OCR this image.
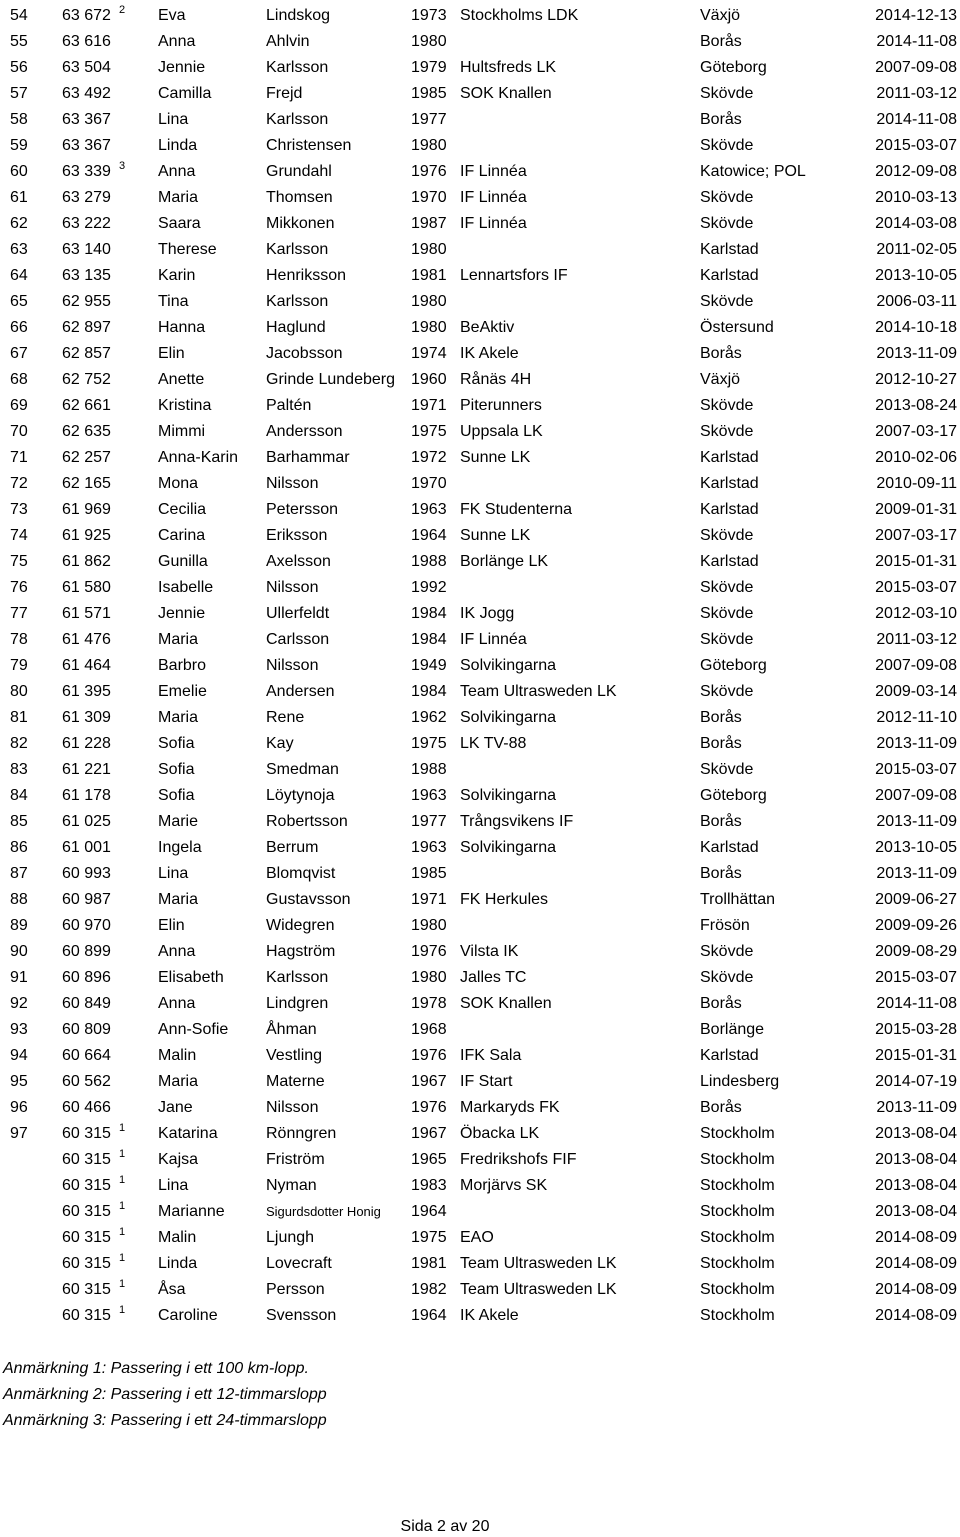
54	63 672 $^2$	Eva	Lindskog	1973	Stockholms LDK	Växjö	2014-12-13
55	63 616	Anna	Ahlvin	1980		Borås	2014-11-08
56	63 504	Jennie	Karlsson	1979	Hultsfreds LK	Göteborg	2007-09-08
57	63 492	Camilla	Frejd	1985	SOK Knallen	Skövde	2011-03-12
58	63 367	Lina	Karlsson	1977		Borås	2014-11-08
59	63 367	Linda	Christensen	1980		Skövde	2015-03-07
60	63 339 $^3$	Anna	Grundahl	1976	IF Linnéa	Katowice; POL	2012-09-08
61	63 279	Maria	Thomsen	1970	IF Linnéa	Skövde	2010-03-13
62	63 222	Saara	Mikkonen	1987	IF Linnéa	Skövde	2014-03-08
63	63 140	Therese	Karlsson	1980		Karlstad	2011-02-05
64	63 135	Karin	Henriksson	1981	Lennartsfors IF	Karlstad	2013-10-05
65	62 955	Tina	Karlsson	1980		Skövde	2006-03-11
66	62 897	Hanna	Haglund	1980	BeAktiv	Östersund	2014-10-18
67	62 857	Elin	Jacobsson	1974	IK Akele	Borås	2013-11-09
68	62 752	Anette	Grinde Lundeberg	1960	Rånäs 4H	Växjö	2012-10-27
69	62 661	Kristina	Paltén	1971	Piterunners	Skövde	2013-08-24
70	62 635	Mimmi	Andersson	1975	Uppsala LK	Skövde	2007-03-17
71	62 257	Anna-Karin	Barhammar	1972	Sunne LK	Karlstad	2010-02-06
72	62 165	Mona	Nilsson	1970		Karlstad	2010-09-11
73	61 969	Cecilia	Petersson	1963	FK Studenterna	Karlstad	2009-01-31
74	61 925	Carina	Eriksson	1964	Sunne LK	Skövde	2007-03-17
75	61 862	Gunilla	Axelsson	1988	Borlänge LK	Karlstad	2015-01-31
76	61 580	Isabelle	Nilsson	1992		Skövde	2015-03-07
77	61 571	Jennie	Ullerfeldt	1984	IK Jogg	Skövde	2012-03-10
78	61 476	Maria	Carlsson	1984	IF Linnéa	Skövde	2011-03-12
79	61 464	Barbro	Nilsson	1949	Solvikingarna	Göteborg	2007-09-08
80	61 395	Emelie	Andersen	1984	Team Ultrasweden LK	Skövde	2009-03-14
81	61 309	Maria	Rene	1962	Solvikingarna	Borås	2012-11-10
82	61 228	Sofia	Kay	1975	LK TV-88	Borås	2013-11-09
83	61 221	Sofia	Smedman	1988		Skövde	2015-03-07
84	61 178	Sofia	Löytynoja	1963	Solvikingarna	Göteborg	2007-09-08
85	61 025	Marie	Robertsson	1977	Trångsvikens IF	Borås	2013-11-09
86	61 001	Ingela	Berrum	1963	Solvikingarna	Karlstad	2013-10-05
87	60 993	Lina	Blomqvist	1985		Borås	2013-11-09
88	60 987	Maria	Gustavsson	1971	FK Herkules	Trollhättan	2009-06-27
89	60 970	Elin	Widegren	1980		Frösön	2009-09-26
90	60 899	Anna	Hagström	1976	Vilsta IK	Skövde	2009-08-29
91	60 896	Elisabeth	Karlsson	1980	Jalles TC	Skövde	2015-03-07
92	60 849	Anna	Lindgren	1978	SOK Knallen	Borås	2014-11-08
93	60 809	Ann-Sofie	Åhman	1968		Borlänge	2015-03-28
94	60 664	Malin	Vestling	1976	IFK Sala	Karlstad	2015-01-31
95	60 562	Maria	Materne	1967	IF Start	Lindesberg	2014-07-19
96	60 466	Jane	Nilsson	1976	Markaryds FK	Borås	2013-11-09
97	60 315 $^1$	Katarina	Rönngren	1967	Öbacka LK	Stockholm	2013-08-04
	60 315 $^1$	Kajsa	Friström	1965	Fredrikshofs FIF	Stockholm	2013-08-04
	60 315 $^1$	Lina	Nyman	1983	Morjärvs SK	Stockholm	2013-08-04
	60 315 $^1$	Marianne	Sigurdsdotter Honig	1964		Stockholm	2013-08-04
	60 315 $^1$	Malin	Ljungh	1975	EAO	Stockholm	2014-08-09
	60 315 $^1$	Linda	Lovecraft	1981	Team Ultrasweden LK	Stockholm	2014-08-09
	60 315 $^1$	Åsa	Persson	1982	Team Ultrasweden LK	Stockholm	2014-08-09
	60 315 $^1$	Caroline	Svensson	1964	IK Akele	Stockholm	2014-08-09
Anmärkning 1: Passering i ett 100 km-lopp.
Anmärkning 2: Passering i ett 12-timmarslopp
Anmärkning 3: Passering i ett 24-timmarslopp
Sida 2 av 20
